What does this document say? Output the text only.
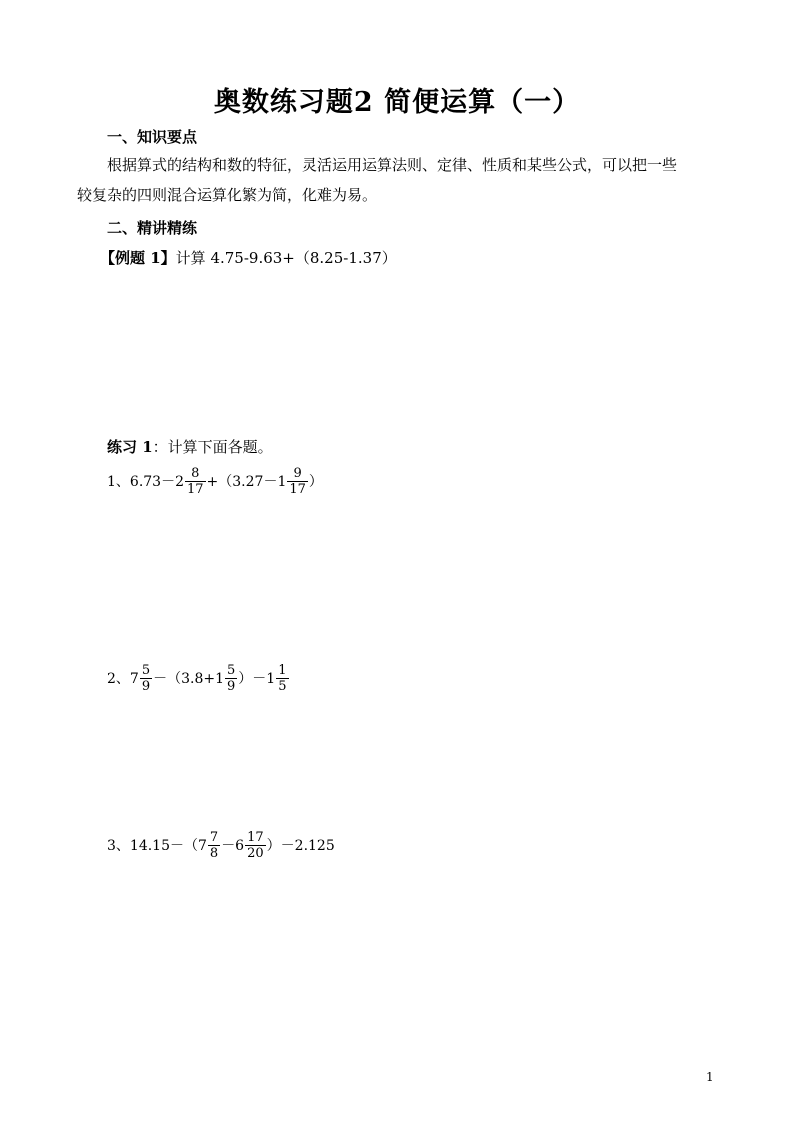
奥数练习题2 简便运算（一）
一、知识要点
根据算式的结构和数的特征，灵活运用运算法则、定律、性质和某些公式，可以把一些
较复杂的四则混合运算化繁为简，化难为易。
二、精讲精练
【例题 1】计算 4.75-9.63+（8.25-1.37）
练习 1：计算下面各题。
1、$6.73-2 \frac{8}{17} +(3.27-1 \frac{9}{17}$ ）
2、$7 \frac{5}{9} -(3.8+1 \frac{5}{9} )-1 \frac{1}{5}$
3、$14.15-(7 \frac{7}{8} -6 \frac{17}{20} )-2.125$
1
